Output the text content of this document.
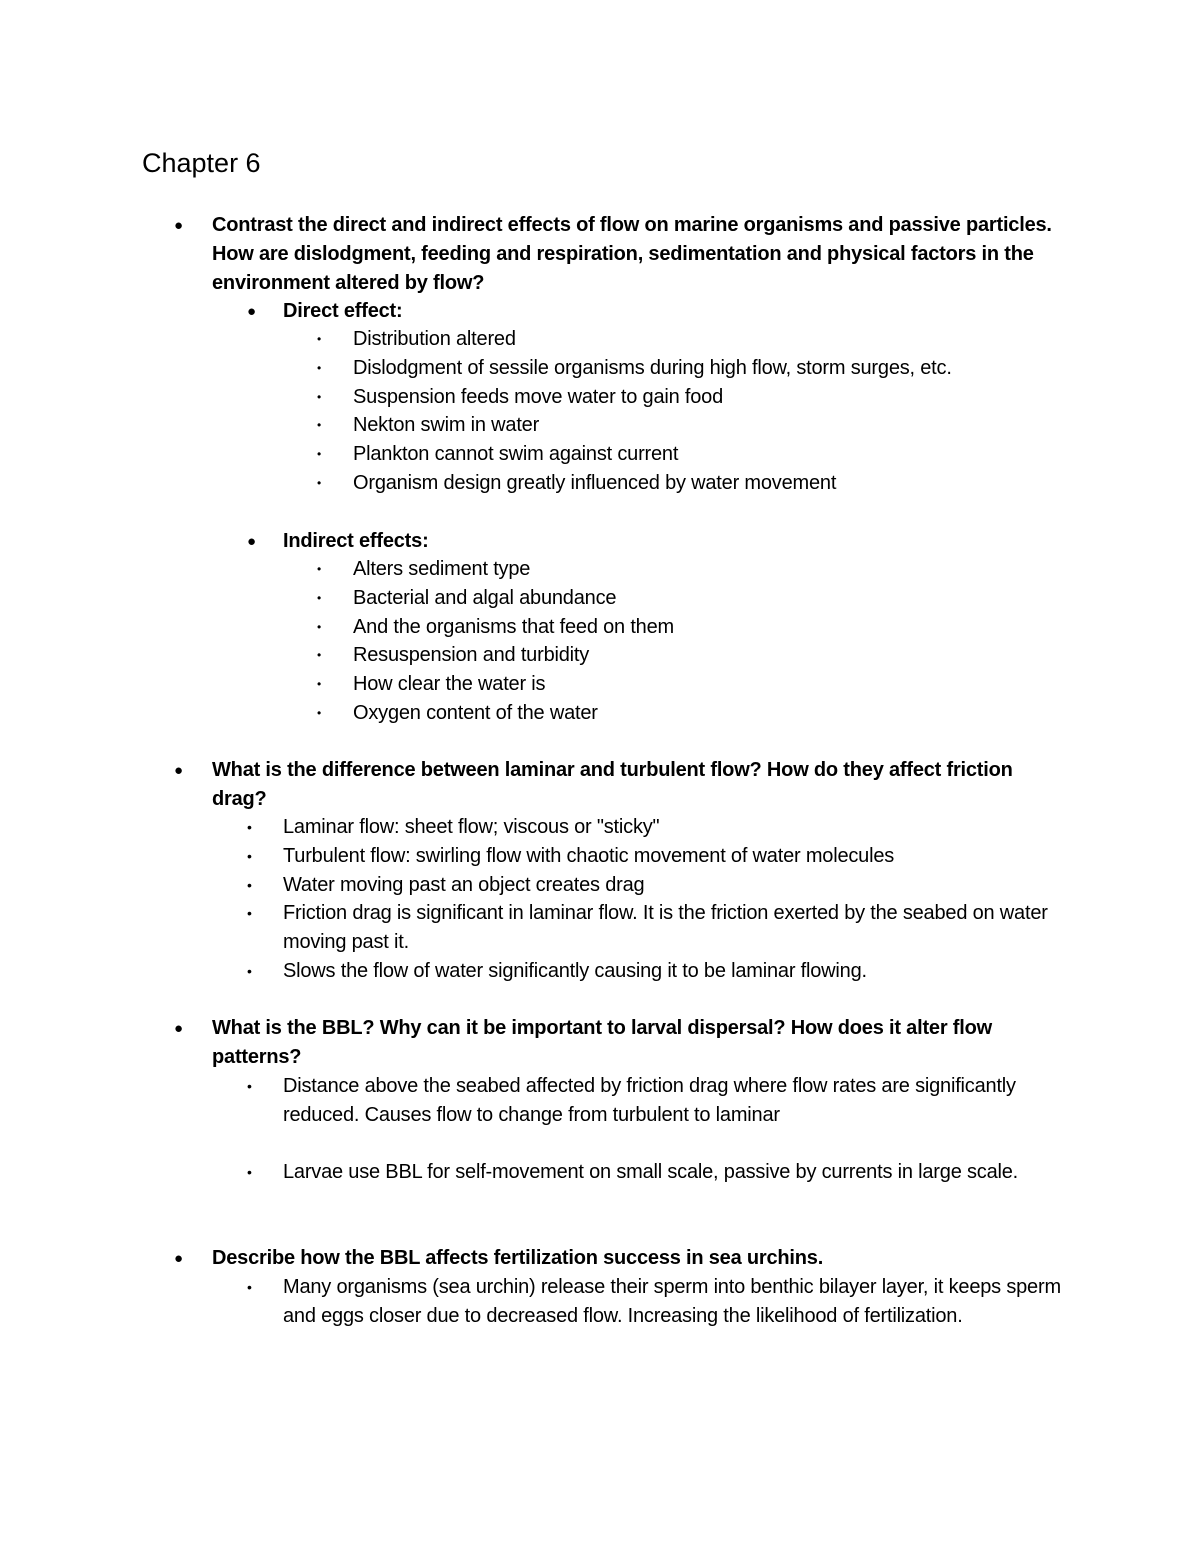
Chapter 6
● Contrast the direct and indirect effects of flow on marine organisms and passive particles. How are dislodgment, feeding and respiration, sedimentation and physical factors in the environment altered by flow?
● Direct effect:
• Distribution altered
• Dislodgment of sessile organisms during high flow, storm surges, etc.
• Suspension feeds move water to gain food
• Nekton swim in water
• Plankton cannot swim against current
• Organism design greatly influenced by water movement
● Indirect effects:
• Alters sediment type
• Bacterial and algal abundance
• And the organisms that feed on them
• Resuspension and turbidity
• How clear the water is
• Oxygen content of the water
● What is the difference between laminar and turbulent flow? How do they affect friction drag?
• Laminar flow: sheet flow; viscous or "sticky"
• Turbulent flow: swirling flow with chaotic movement of water molecules
• Water moving past an object creates drag
• Friction drag is significant in laminar flow. It is the friction exerted by the seabed on water moving past it.
• Slows the flow of water significantly causing it to be laminar flowing.
● What is the BBL? Why can it be important to larval dispersal? How does it alter flow patterns?
• Distance above the seabed affected by friction drag where flow rates are significantly reduced. Causes flow to change from turbulent to laminar
• Larvae use BBL for self-movement on small scale, passive by currents in large scale.
● Describe how the BBL affects fertilization success in sea urchins.
• Many organisms (sea urchin) release their sperm into benthic bilayer layer, it keeps sperm and eggs closer due to decreased flow. Increasing the likelihood of fertilization.
